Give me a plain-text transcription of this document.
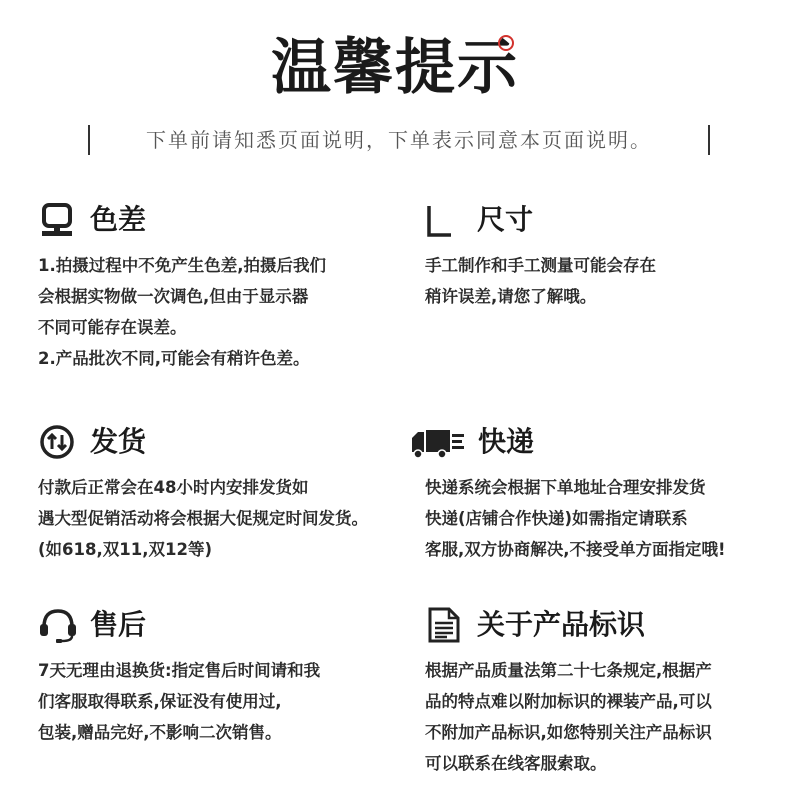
温馨提示
下单前请知悉页面说明，下单表示同意本页面说明。
色差
1.拍摄过程中不免产生色差,拍摄后我们
会根据实物做一次调色,但由于显示器
不同可能存在误差。
2.产品批次不同,可能会有稍许色差。
尺寸
手工制作和手工测量可能会存在
稍许误差,请您了解哦。
发货
付款后正常会在48小时内安排发货如
遇大型促销活动将会根据大促规定时间发货。
(如618,双11,双12等)
快递
快递系统会根据下单地址合理安排发货
快递(店铺合作快递)如需指定请联系
客服,双方协商解决,不接受单方面指定哦!
售后
7天无理由退换货:指定售后时间请和我
们客服取得联系,保证没有使用过,
包装,赠品完好,不影响二次销售。
关于产品标识
根据产品质量法第二十七条规定,根据产
品的特点难以附加标识的裸装产品,可以
不附加产品标识,如您特别关注产品标识
可以联系在线客服索取。
